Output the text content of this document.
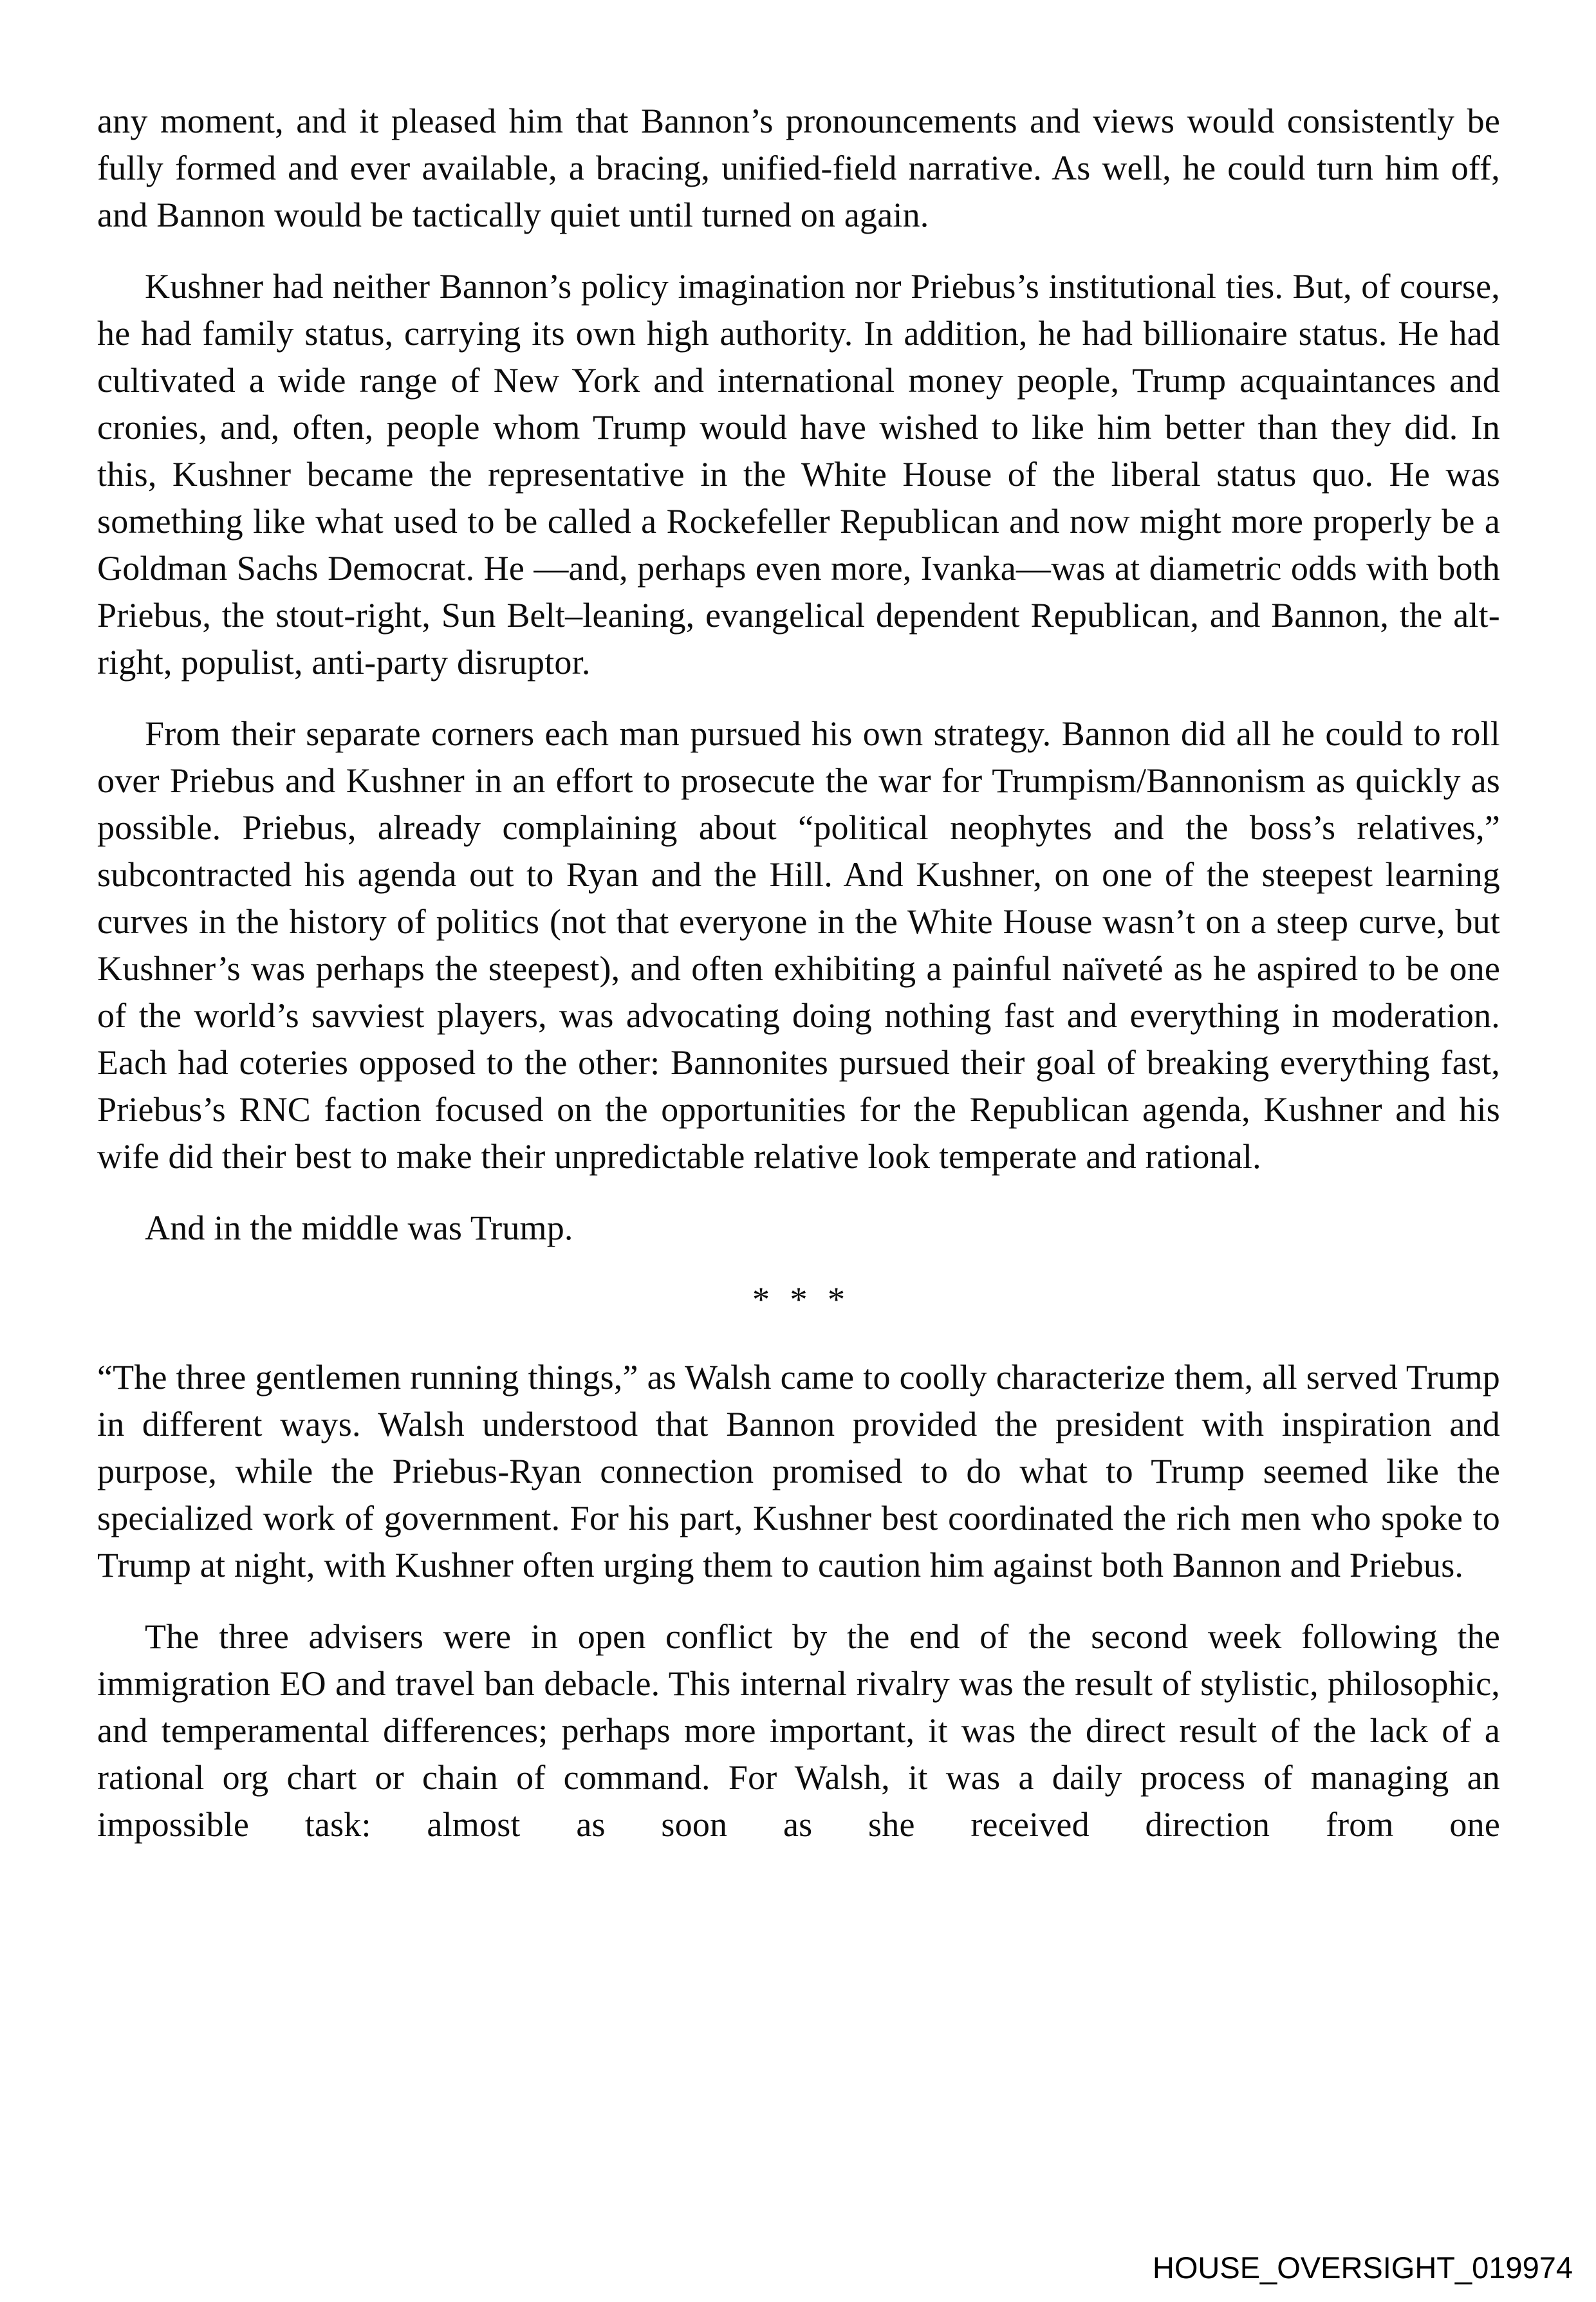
any moment, and it pleased him that Bannon’s pronouncements and views would consistently be fully formed and ever available, a bracing, unified-field narrative. As well, he could turn him off, and Bannon would be tactically quiet until turned on again.

Kushner had neither Bannon’s policy imagination nor Priebus’s institutional ties. But, of course, he had family status, carrying its own high authority. In addition, he had billionaire status. He had cultivated a wide range of New York and international money people, Trump acquaintances and cronies, and, often, people whom Trump would have wished to like him better than they did. In this, Kushner became the representative in the White House of the liberal status quo. He was something like what used to be called a Rockefeller Republican and now might more properly be a Goldman Sachs Democrat. He —and, perhaps even more, Ivanka—was at diametric odds with both Priebus, the stout-right, Sun Belt–leaning, evangelical dependent Republican, and Bannon, the alt-right, populist, anti-party disruptor.

From their separate corners each man pursued his own strategy. Bannon did all he could to roll over Priebus and Kushner in an effort to prosecute the war for Trumpism/Bannonism as quickly as possible. Priebus, already complaining about “political neophytes and the boss’s relatives,” subcontracted his agenda out to Ryan and the Hill. And Kushner, on one of the steepest learning curves in the history of politics (not that everyone in the White House wasn’t on a steep curve, but Kushner’s was perhaps the steepest), and often exhibiting a painful naïveté as he aspired to be one of the world’s savviest players, was advocating doing nothing fast and everything in moderation. Each had coteries opposed to the other: Bannonites pursued their goal of breaking everything fast, Priebus’s RNC faction focused on the opportunities for the Republican agenda, Kushner and his wife did their best to make their unpredictable relative look temperate and rational.

And in the middle was Trump.

* * *

“The three gentlemen running things,” as Walsh came to coolly characterize them, all served Trump in different ways. Walsh understood that Bannon provided the president with inspiration and purpose, while the Priebus-Ryan connection promised to do what to Trump seemed like the specialized work of government. For his part, Kushner best coordinated the rich men who spoke to Trump at night, with Kushner often urging them to caution him against both Bannon and Priebus.

The three advisers were in open conflict by the end of the second week following the immigration EO and travel ban debacle. This internal rivalry was the result of stylistic, philosophic, and temperamental differences; perhaps more important, it was the direct result of the lack of a rational org chart or chain of command. For Walsh, it was a daily process of managing an impossible task: almost as soon as she received direction from one

HOUSE_OVERSIGHT_019974
